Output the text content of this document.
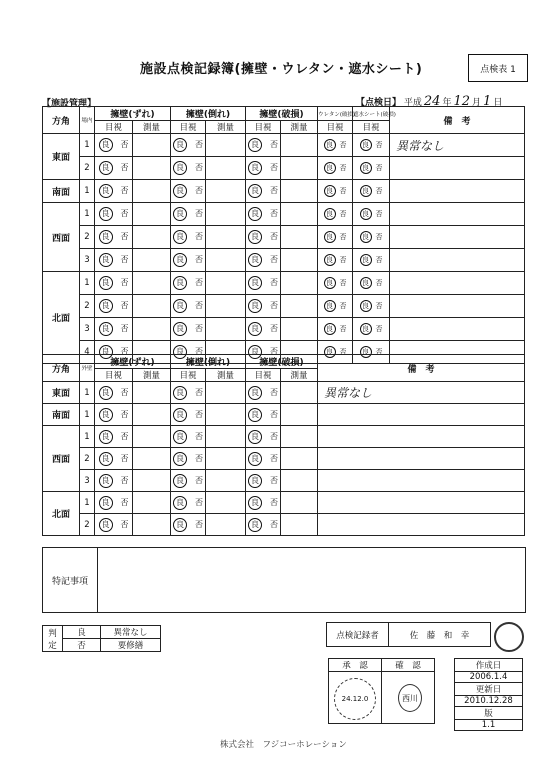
施設点検記録簿(擁壁・ウレタン・遮水シート)	点検表 1
【施設管理】	【点検日】 平成 24 年 12 月 1 日
方角	場内	擁壁(ずれ)		擁壁(倒れ)		擁壁(破損)		ウレタン(破損)	遮水シート(破損)	備　考
		目視	測量	目視	測量	目視	測量	目視	目視	
東面	1	良 否		良 否		良 否		良 否	良 否	異常なし
	2	良 否		良 否		良 否		良 否	良 否	
南面	1	良 否		良 否		良 否		良 否	良 否	
西面	1	良 否		良 否		良 否		良 否	良 否	
	2	良 否		良 否		良 否		良 否	良 否	
	3	良 否		良 否		良 否		良 否	良 否	
北面	1	良 否		良 否		良 否		良 否	良 否	
	2	良 否		良 否		良 否		良 否	良 否	
	3	良 否		良 否		良 否		良 否	良 否	
	4	良 否		良 否		良 否		良 否	良 否	
方角	外壁	擁壁(ずれ)		擁壁(倒れ)		擁壁(破損)		備　考
		目視	測量	目視	測量	目視	測量	
東面	1	良 否		良 否		良 否		異常なし
南面	1	良 否		良 否		良 否		
西面	1	良 否		良 否		良 否		
	2	良 否		良 否		良 否		
	3	良 否		良 否		良 否		
北面	1	良 否		良 否		良 否		
	2	良 否		良 否		良 否		
特記事項
判
定	良	異常なし
	否	要修繕
点検記録者	佐　藤　和　幸
承　認	確　認

24.12.0	西川
作成日
2006.1.4
更新日
2010.12.28
版
1.1
株式会社　フジコーホレーション
